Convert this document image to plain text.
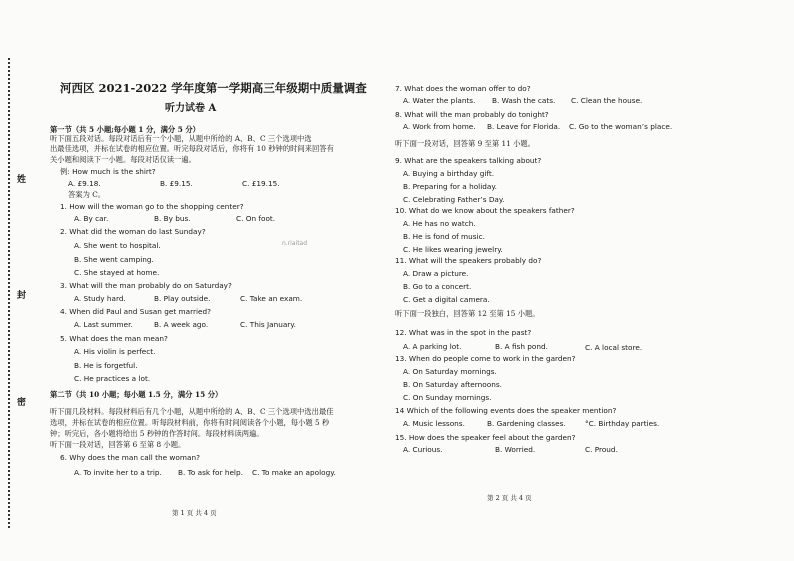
姓
封
密
河西区 2021-2022 学年度第一学期高三年级期中质量调查
听力试卷 A
第一节（共 5 小题;每小题 1 分，满分 5 分）
听下面五段对话。每段对话后有一个小题，从题中所给的 A、B、C 三个选项中选
出最佳选项，并标在试卷的相应位置。听完每段对话后，你将有 10 秒钟的时间来回答有
关小题和阅读下一小题。每段对话仅读一遍。
例: How much is the shirt?
A. £9.18.	B. £9.15.	C. £19.15.
答案为 C。
1. How will the woman go to the shopping center?
A. By car.	B. By bus.	C. On foot.
2. What did the woman do last Sunday?
A. She went to hospital.
B. She went camping.
C. She stayed at home.
3. What will the man probably do on Saturday?
A. Study hard.	B. Play outside.	C. Take an exam.
4. When did Paul and Susan get married?
A. Last summer.	B. A week ago.	C. This January.
5. What does the man mean?
A. His violin is perfect.
B. He is forgetful.
C. He practices a lot.
第二节（共 10 小题；每小题 1.5 分，满分 15 分）
听下面几段材料。每段材料后有几个小题，从题中所给的 A、B、C 三个选项中选出最佳
选项，并标在试卷的相应位置。听每段材料前，你将有时间阅读各个小题，每小题 5 秒
钟；听完后，各小题将给出 5 秒钟的作答时间。每段材料读两遍。
听下面一段对话，回答第 6 至第 8 小题。
6. Why does the man call the woman?
A. To invite her to a trip. B. To ask for help. C. To make an apology.
第 1 页 共 4 页
n.riaitad
7. What does the woman offer to do?
A. Water the plants. B. Wash the cats. C. Clean the house.
8. What will the man probably do tonight?
A. Work from home. B. Leave for Florida. C. Go to the woman’s place.
听下面一段对话，回答第 9 至第 11 小题。
9. What are the speakers talking about?
A. Buying a birthday gift.
B. Preparing for a holiday.
C. Celebrating Father’s Day.
10. What do we know about the speakers father?
A. He has no watch.
B. He is fond of music.
C. He likes wearing jewelry.
11. What will the speakers probably do?
A. Draw a picture.
B. Go to a concert.
C. Get a digital camera.
听下面一段独白，回答第 12 至第 15 小题。
12. What was in the spot in the past?
A. A parking lot.	B. A fish pond.	C. A local store.
13. When do people come to work in the garden?
A. On Saturday mornings.
B. On Saturday afternoons.
C. On Sunday mornings.
14 Which of the following events does the speaker mention?
A. Music lessons.	B. Gardening classes.	°C. Birthday parties.
15. How does the speaker feel about the garden?
A. Curious.	B. Worried.	C. Proud.
第 2 页 共 4 页
